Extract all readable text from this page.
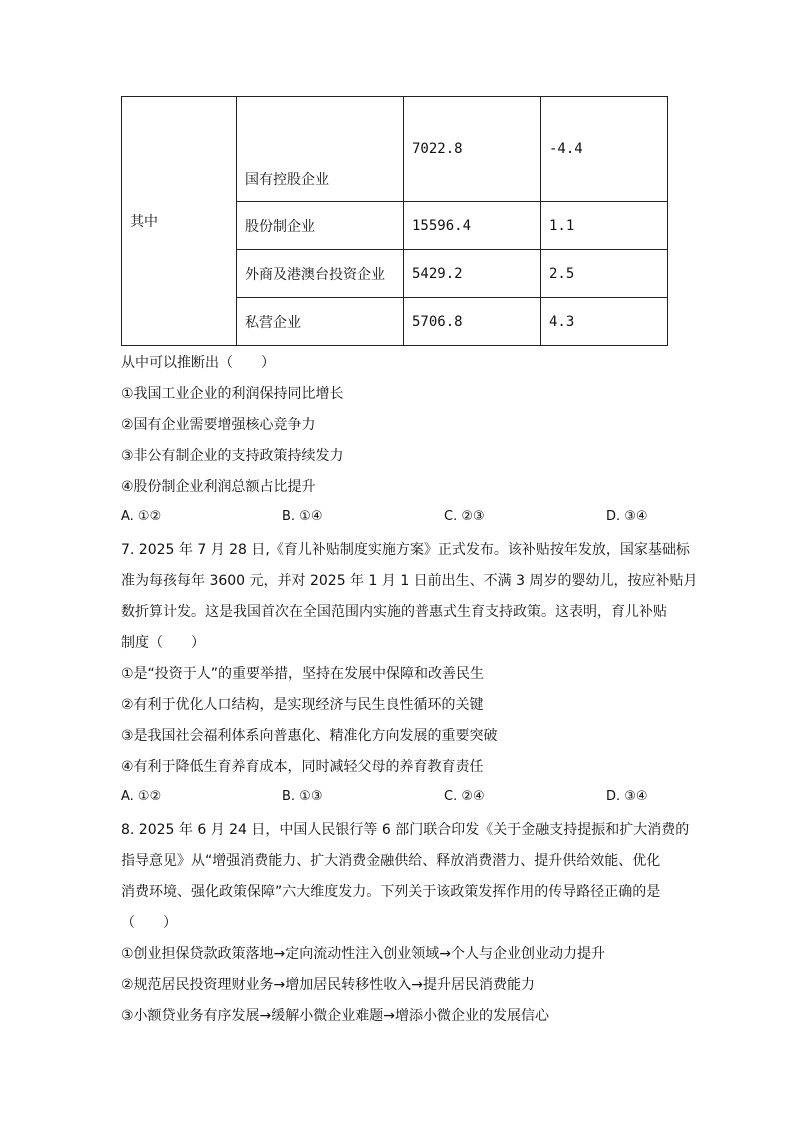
其中	国有控股企业	7022.8	-4.4
	股份制企业	15596.4	1.1
	外商及港澳台投资企业	5429.2	2.5
	私营企业	5706.8	4.3
从中可以推断出（　　）
①我国工业企业的利润保持同比增长
②国有企业需要增强核心竞争力
③非公有制企业的支持政策持续发力
④股份制企业利润总额占比提升
A. ①②	B. ①④	C. ②③	D. ③④
7. 2025 年 7 月 28 日,《育儿补贴制度实施方案》正式发布。该补贴按年发放，国家基础标
准为每孩每年 3600 元，并对 2025 年 1 月 1 日前出生、不满 3 周岁的婴幼儿，按应补贴月
数折算计发。这是我国首次在全国范围内实施的普惠式生育支持政策。这表明，育儿补贴
制度（　　）
①是“投资于人”的重要举措，坚持在发展中保障和改善民生
②有利于优化人口结构，是实现经济与民生良性循环的关键
③是我国社会福利体系向普惠化、精准化方向发展的重要突破
④有利于降低生育养育成本，同时减轻父母的养育教育责任
A. ①②	B. ①③	C. ②④	D. ③④
8. 2025 年 6 月 24 日，中国人民银行等 6 部门联合印发《关于金融支持提振和扩大消费的
指导意见》从“增强消费能力、扩大消费金融供给、释放消费潜力、提升供给效能、优化
消费环境、强化政策保障”六大维度发力。下列关于该政策发挥作用的传导路径正确的是
（　　）
①创业担保贷款政策落地→定向流动性注入创业领域→个人与企业创业动力提升
②规范居民投资理财业务→增加居民转移性收入→提升居民消费能力
③小额贷业务有序发展→缓解小微企业难题→增添小微企业的发展信心
